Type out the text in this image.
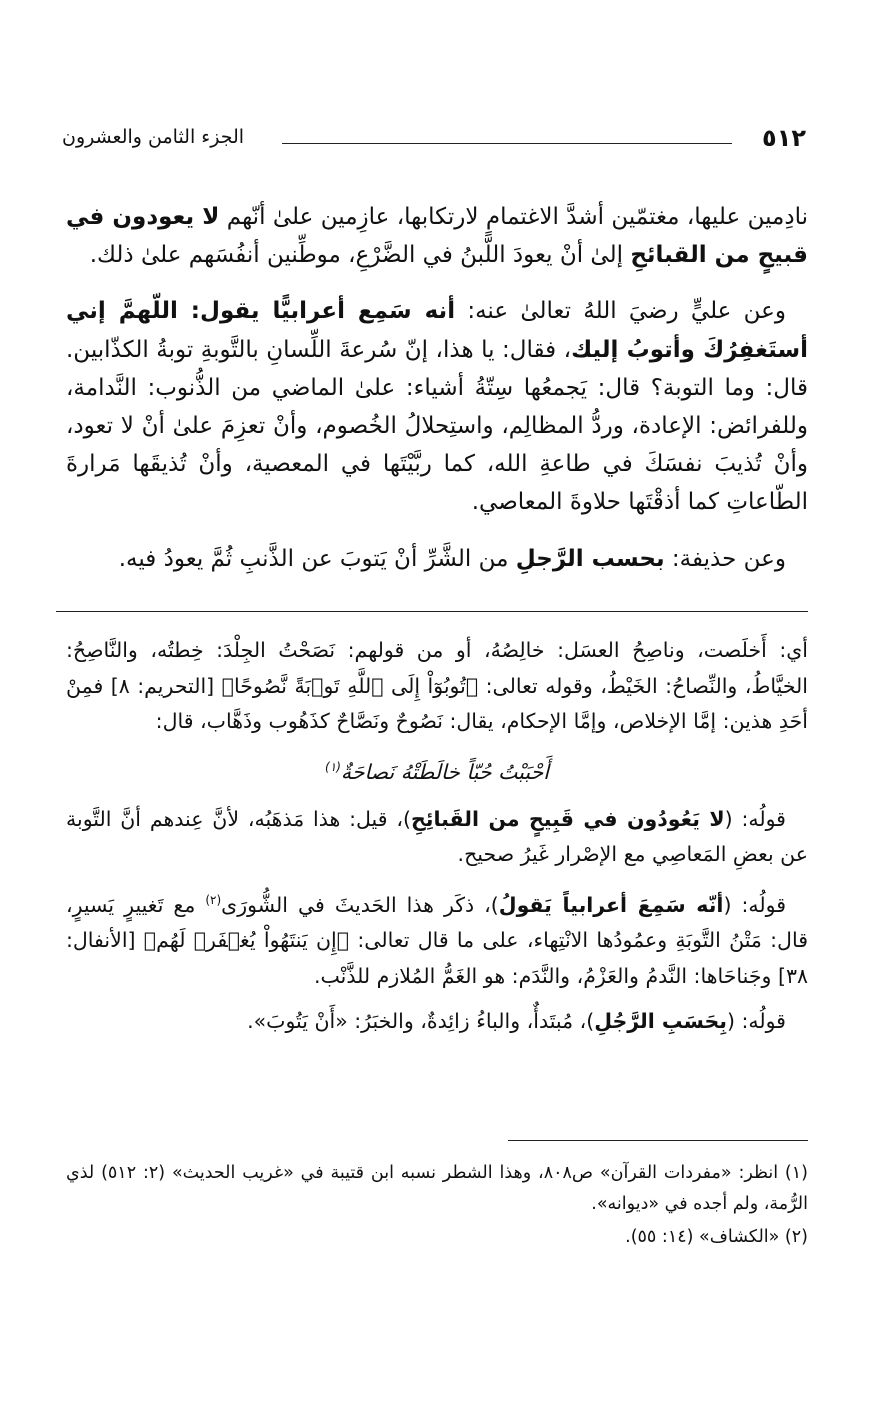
٥١٢
الجزء الثامن والعشرون

نادِمين عليها، مغتمّين أشدَّ الاغتمامِ لارتكابها، عازِمين علىٰ أنّهم لا يعودون في قبيحٍ من القبائحِ إلىٰ أنْ يعودَ اللَّبنُ في الضَّرْعِ، موطِّنين أنفُسَهم علىٰ ذلك.

وعن عليٍّ رضيَ اللهُ تعالىٰ عنه: أنه سَمِع أعرابيًّا يقول: اللّهمَّ إني أستَغفِرُكَ وأتوبُ إليك، فقال: يا هذا، إنّ سُرعةَ اللِّسانِ بالتَّوبةِ توبةُ الكذّابين. قال: وما التوبة؟ قال: يَجمعُها سِتّةُ أشياء: علىٰ الماضي من الذُّنوب: النَّدامة، وللفرائض: الإعادة، وردُّ المظالِم، واستِحلالُ الخُصوم، وأنْ تعزِمَ علىٰ أنْ لا تعود، وأنْ تُذيبَ نفسَكَ في طاعةِ الله، كما ربَّيْتَها في المعصية، وأنْ تُذيقَها مَرارةَ الطّاعاتِ كما أذقْتَها حلاوةَ المعاصي.

وعن حذيفة: بحسب الرَّجلِ من الشَّرِّ أنْ يَتوبَ عن الذَّنبِ ثُمَّ يعودُ فيه.

أي: أَخلَصت، وناصِحُ العسَل: خالِصُهُ، أو من قولهم: نَصَحْتُ الجِلْدَ: خِطتُه، والنَّاصِحُ: الخيَّاطُ، والنِّصاحُ: الخَيْطُ، وقوله تعالى: ﴿تُوبُوٓاْ إِلَى ٱللَّهِ تَوۡبَةً نَّصُوحًا﴾ [التحريم: ٨] فمِنْ أحَدِ هذين: إمَّا الإخلاص، وإمَّا الإحكام، يقال: نَصُوحٌ ونَصَّاحٌ كذَهُوب وذَهَّاب، قال:

أَحْبَبْتُ حُبّاً خالَطَتْهُ نَصاحَةٌ$^{(١)}$

قولُه: (لا يَعُودُون في قَبِيحٍ من القَبائِحِ)، قيل: هذا مَذهَبُه، لأنَّ عِندهم أنَّ التَّوبة عن بعضِ المَعاصِي مع الإصْرار غَيرُ صحيح.

قولُه: (أنّه سَمِعَ أعرابياً يَقولُ)، ذكَر هذا الحَديثَ في الشُّورَى$^{(٢)}$ مع تَغييرٍ يَسيرٍ، قال: مَتْنُ التَّوبَةِ وعمُودُها الانْتِهاء، على ما قال تعالى: ﴿إِن يَنتَهُواْ يُغۡفَرۡ لَهُم﴾ [الأنفال: ٣٨] وجَناحَاها: النَّدمُ والعَزْمُ، والنَّدَم: هو الغَمُّ المُلازم للذَّنْب.

قولُه: (بِحَسَبِ الرَّجُلِ)، مُبتَدأٌ، والباءُ زائِدةٌ، والخبَرُ: «أَنْ يَتُوبَ».

(١) انظر: «مفردات القرآن» ص٨٠٨، وهذا الشطر نسبه ابن قتيبة في «غريب الحديث» (٢: ٥١٢) لذي الرُّمة، ولم أجده في «ديوانه».

(٢) «الكشاف» (١٤: ٥٥).
